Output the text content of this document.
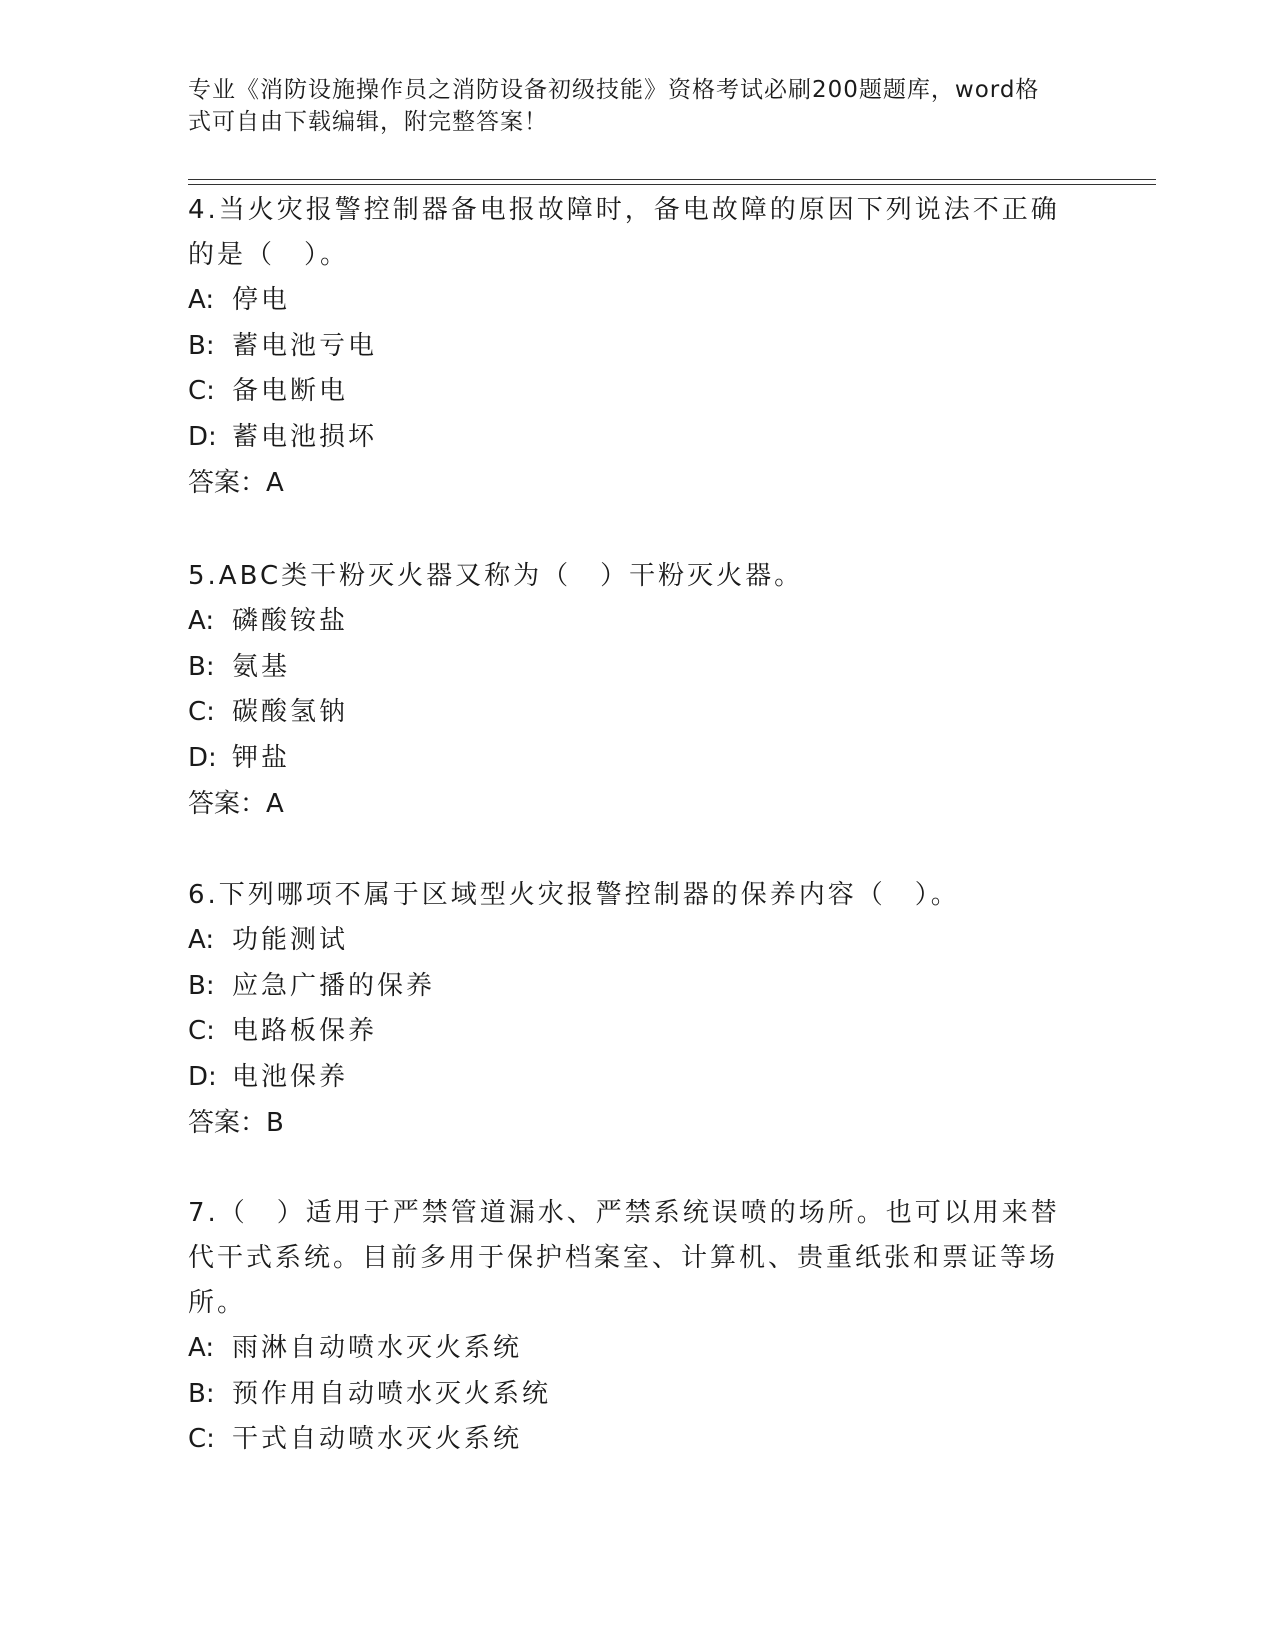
专业《消防设施操作员之消防设备初级技能》资格考试必刷200题题库，word格
式可自由下载编辑，附完整答案！

4.当火灾报警控制器备电报故障时，备电故障的原因下列说法不正确的是（　）。

A: 停电

B: 蓄电池亏电

C: 备电断电

D: 蓄电池损坏

答案：A

5.ABC类干粉灭火器又称为（　）干粉灭火器。

A: 磷酸铵盐

B: 氨基

C: 碳酸氢钠

D: 钾盐

答案：A

6.下列哪项不属于区域型火灾报警控制器的保养内容（　）。

A: 功能测试

B: 应急广播的保养

C: 电路板保养

D: 电池保养

答案：B

7.（　）适用于严禁管道漏水、严禁系统误喷的场所。也可以用来替代干式系统。目前多用于保护档案室、计算机、贵重纸张和票证等场所。

A: 雨淋自动喷水灭火系统

B: 预作用自动喷水灭火系统

C: 干式自动喷水灭火系统
